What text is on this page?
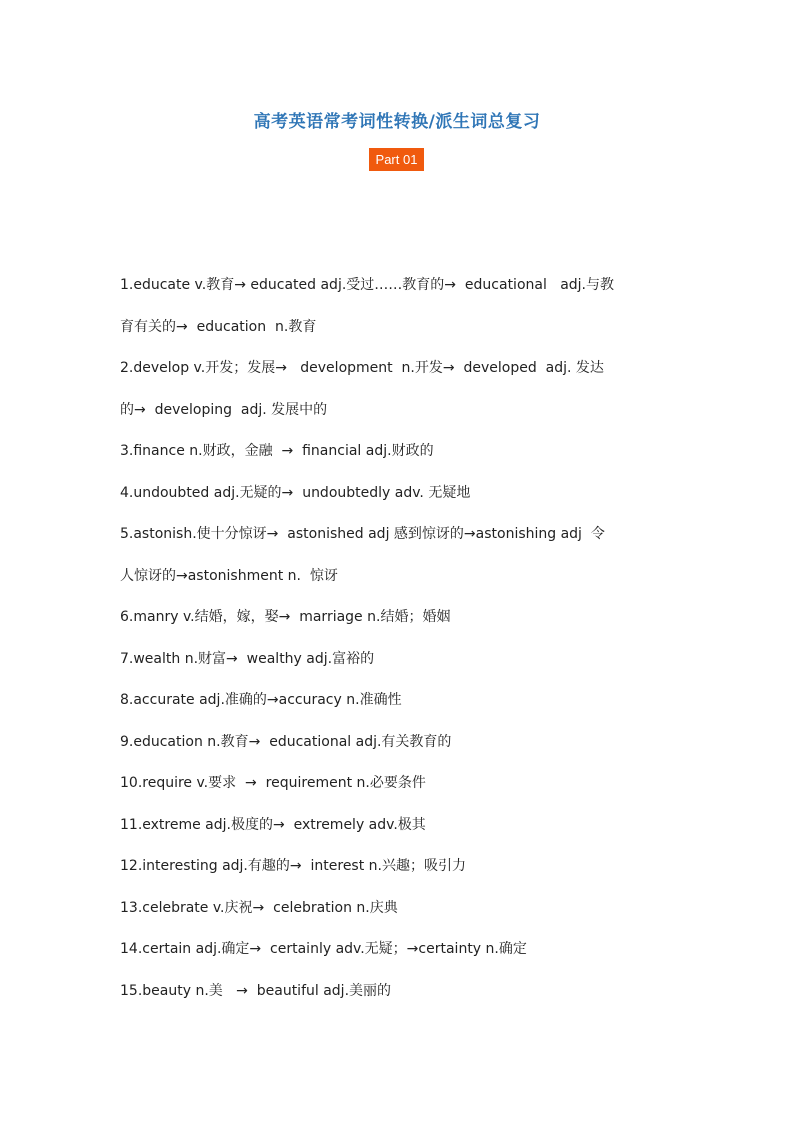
高考英语常考词性转换/派生词总复习
Part 01
1.educate v.教育→ educated adj.受过……教育的→  educational   adj.与教
育有关的→  education  n.教育
2.develop v.开发；发展→   development  n.开发→  developed  adj. 发达
的→  developing  adj. 发展中的
3.finance n.财政，金融  →  financial adj.财政的
4.undoubted adj.无疑的→  undoubtedly adv. 无疑地
5.astonish.使十分惊讶→  astonished adj 感到惊讶的→astonishing adj  令
人惊讶的→astonishment n.  惊讶
6.manry v.结婚，嫁，娶→  marriage n.结婚；婚姻
7.wealth n.财富→  wealthy adj.富裕的
8.accurate adj.准确的→accuracy n.准确性
9.education n.教育→  educational adj.有关教育的
10.require v.要求  →  requirement n.必要条件
11.extreme adj.极度的→  extremely adv.极其
12.interesting adj.有趣的→  interest n.兴趣；吸引力
13.celebrate v.庆祝→  celebration n.庆典
14.certain adj.确定→  certainly adv.无疑；→certainty n.确定
15.beauty n.美   →  beautiful adj.美丽的
